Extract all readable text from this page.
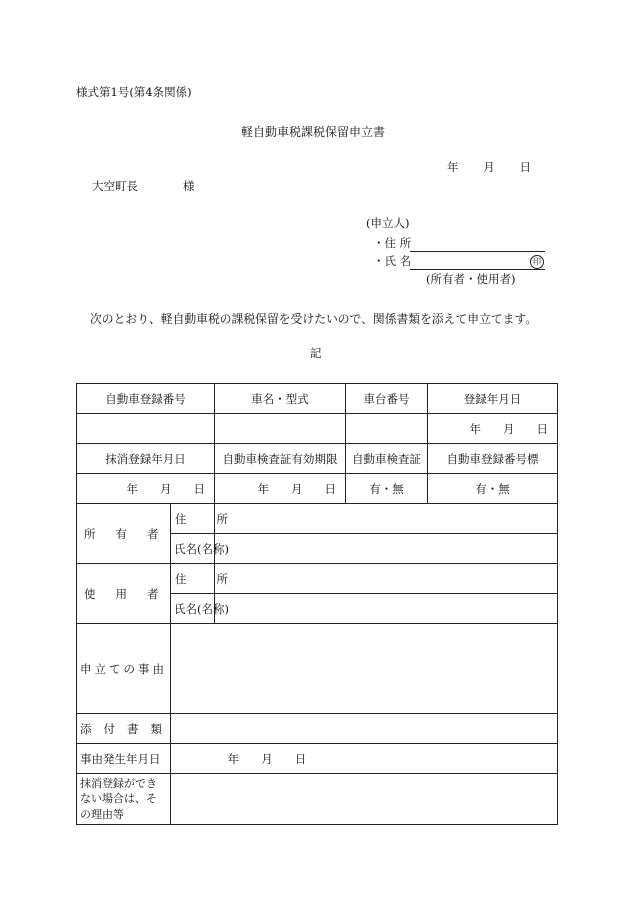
様式第1号(第4条関係)
軽自動車税課税保留申立書
年 月 日
大空町長	様
(申立人)
・住 所
・氏 名	印
(所有者・使用者)
次のとおり、軽自動車税の課税保留を受けたいので、関係書類を添えて申立てます。
記
自動車登録番号		車名・型式	車台番号	登録年月日

				年 月 日

抹消登録年月日		自動車検査証有効期限	自動車検査証	自動車登録番号標

年 月 日		年 月 日	有・無	有・無

所有者	住所			
	氏名(名称)			

使用者	住所			
	氏名(名称)			
申立ての事由				
添付書類				
事由発生年月日	年 月 日			

抹消登録ができない場合は、その理由等				
